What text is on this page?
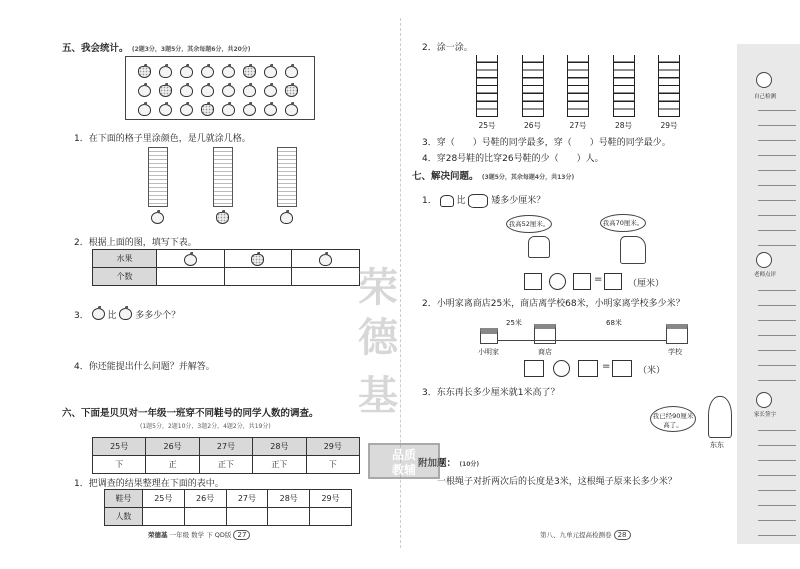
五、我会统计。 (2题3分，3题5分，其余每题6分，共20分)
1．在下面的格子里涂颜色，是几就涂几格。
2．根据上面的图，填写下表。
水果			
个数			
3． 比 多多少个？
4．你还能提出什么问题？并解答。
六、下面是贝贝对一年级一班穿不同鞋号的同学人数的调查。
(1题5分，2题10分，3题2分，4题2分，共19分)
25号	26号	27号	28号	29号
下	正	正下	正下	下
1．把调查的结果整理在下面的表中。
鞋号	25号	26号	27号	28号	29号
人数					
荣德基 一年级 数学 下 QD版 27
2．涂一涂。
25号	26号	27号	28号	29号
3．穿（　　）号鞋的同学最多，穿（　　）号鞋的同学最少。
4．穿28号鞋的比穿26号鞋的少（　　）人。
七、解决问题。 (3题5分，其余每题4分，共13分)
1． 比	矮多少厘米？
我高52厘米。	我高70厘米。
=	（厘米）
2．小明家离商店25米，商店离学校68米，小明家离学校多少米？
25米	68米
小明家	商店	学校
=	（米）
3．东东再长多少厘米就1米高了？
我已经90厘米高了。
东东
附加题： (10分)
一根绳子对折两次后的长度是3米，这根绳子原来长多少米？
第八、九单元提高检测卷 28
荣
德
基
品质
教辅
自己检测
老师点评
家长签字
